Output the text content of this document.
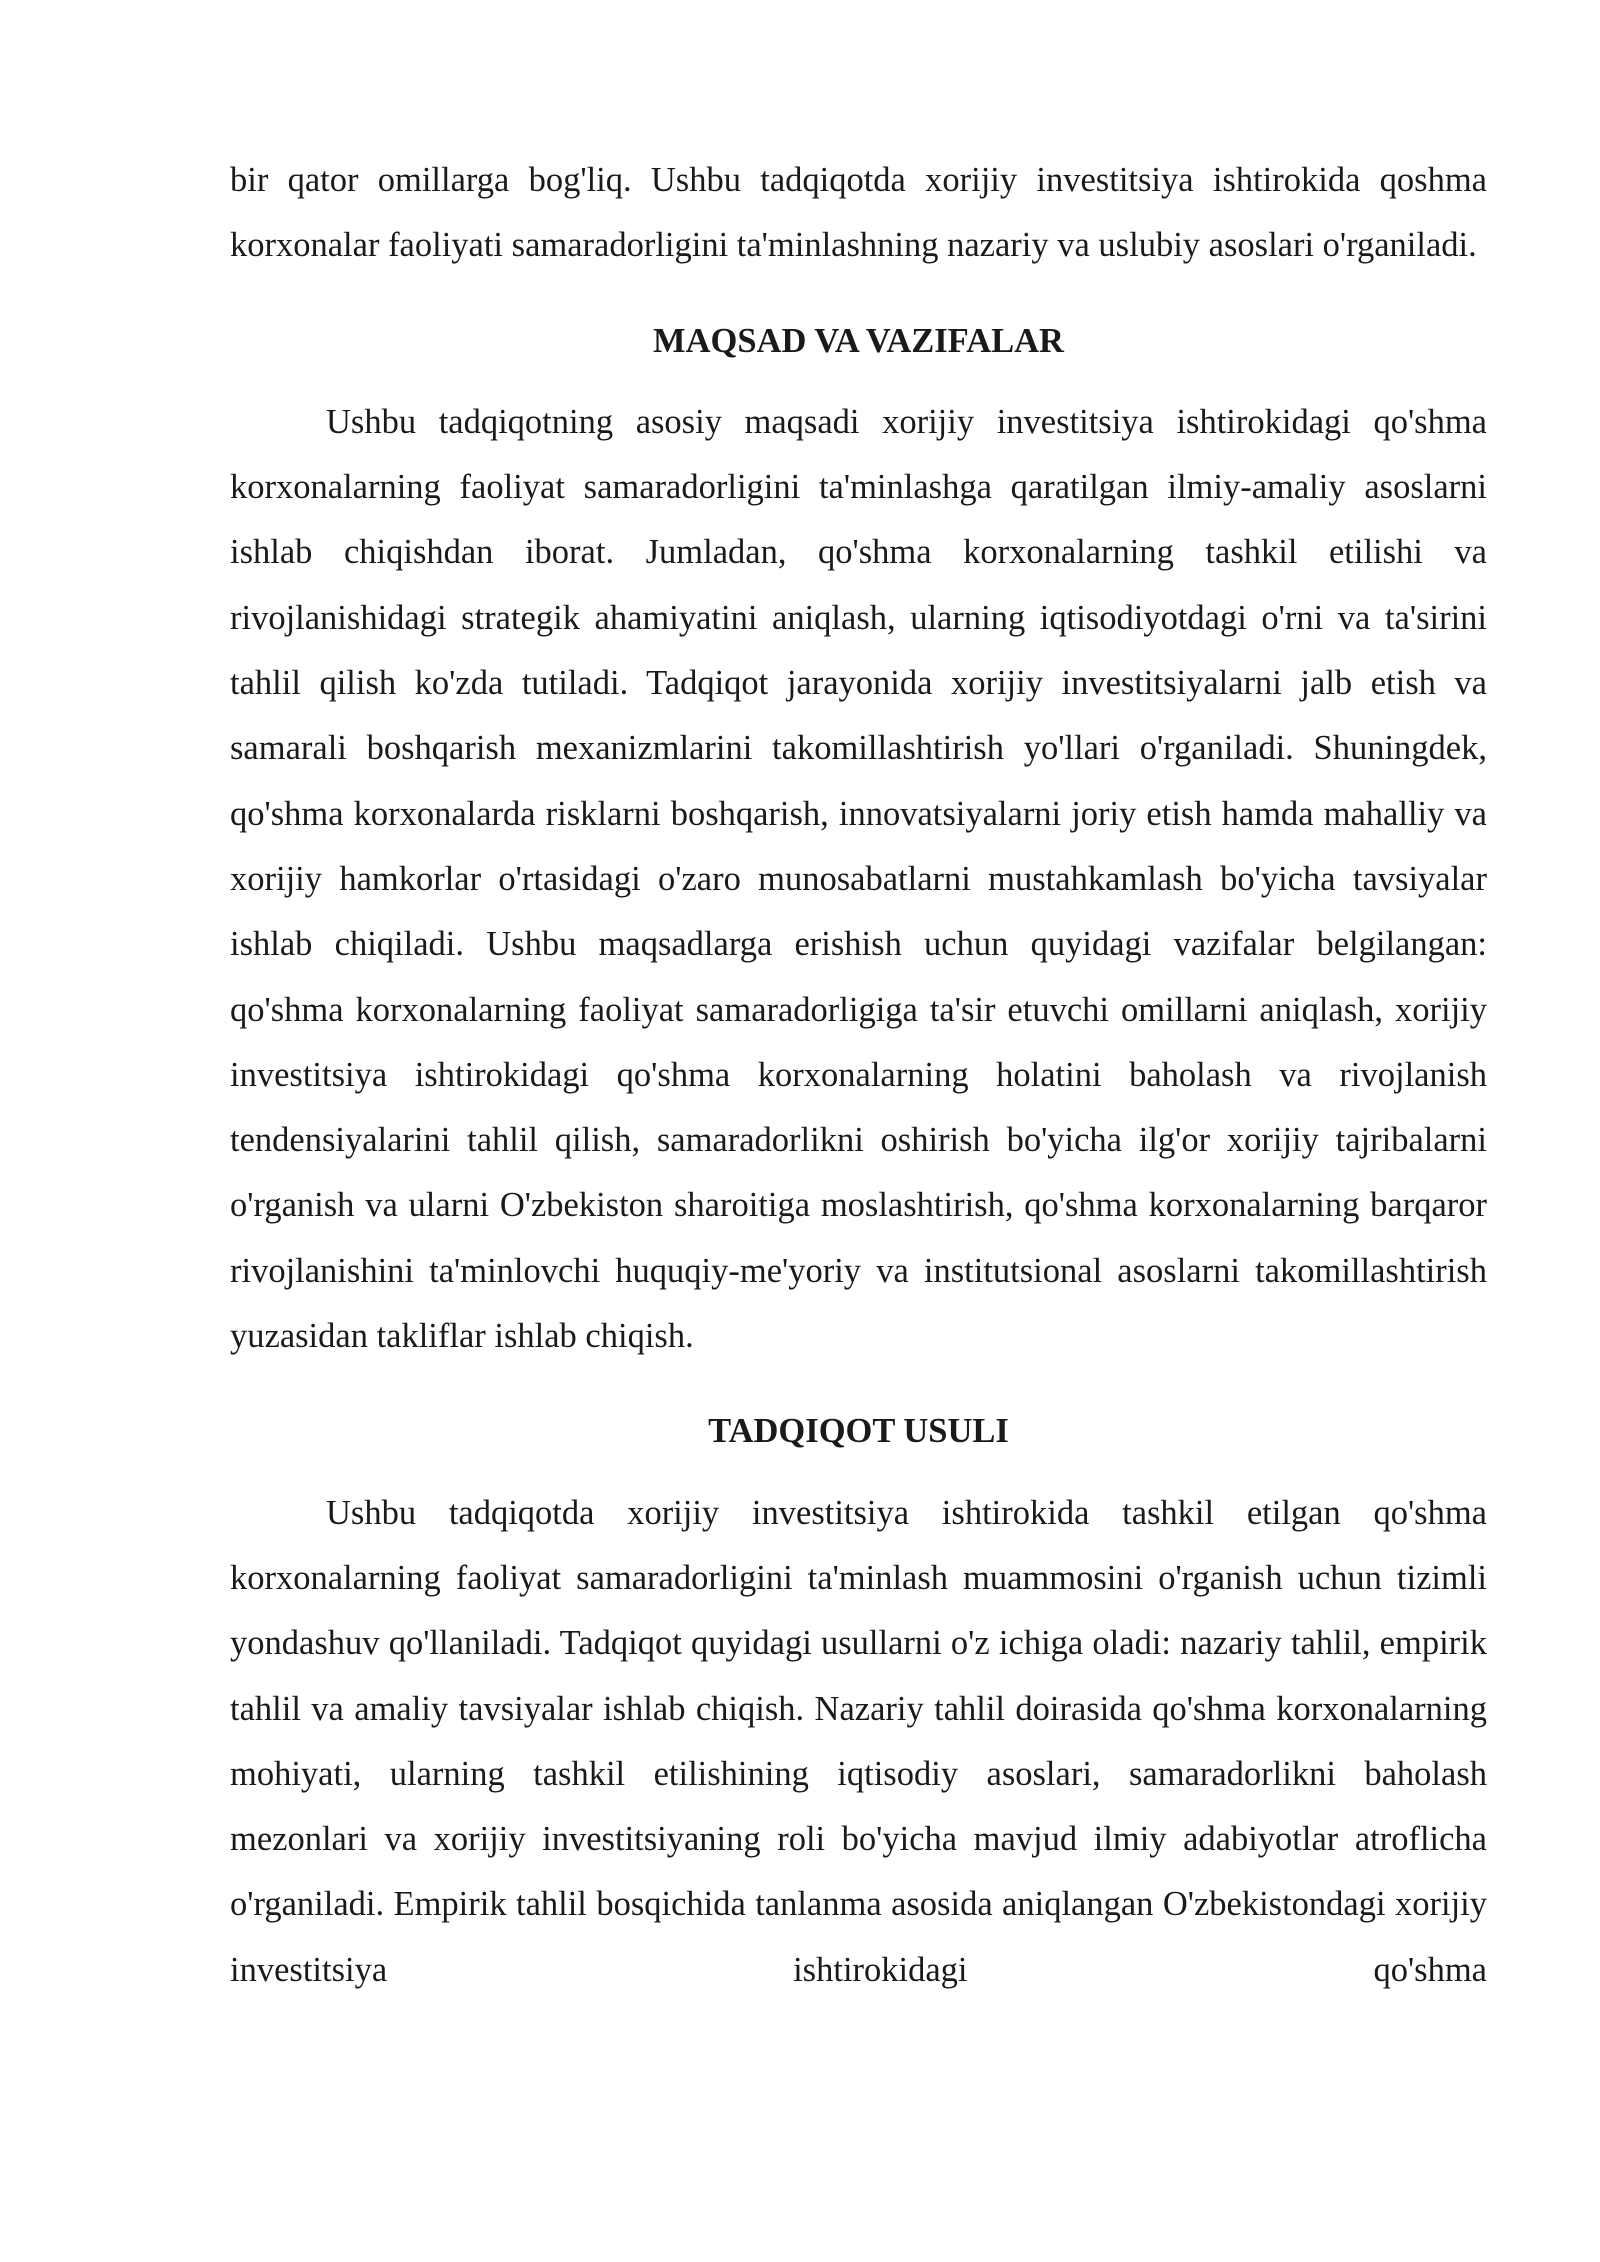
bir qator omillarga bog'liq. Ushbu tadqiqotda xorijiy investitsiya ishtirokida qoshma korxonalar faoliyati samaradorligini ta'minlashning nazariy va uslubiy asoslari o'rganiladi.

MAQSAD VA VAZIFALAR

Ushbu tadqiqotning asosiy maqsadi xorijiy investitsiya ishtirokidagi qo'shma korxonalarning faoliyat samaradorligini ta'minlashga qaratilgan ilmiy-amaliy asoslarni ishlab chiqishdan iborat. Jumladan, qo'shma korxonalarning tashkil etilishi va rivojlanishidagi strategik ahamiyatini aniqlash, ularning iqtisodiyotdagi o'rni va ta'sirini tahlil qilish ko'zda tutiladi. Tadqiqot jarayonida xorijiy investitsiyalarni jalb etish va samarali boshqarish mexanizmlarini takomillashtirish yo'llari o'rganiladi. Shuningdek, qo'shma korxonalarda risklarni boshqarish, innovatsiyalarni joriy etish hamda mahalliy va xorijiy hamkorlar o'rtasidagi o'zaro munosabatlarni mustahkamlash bo'yicha tavsiyalar ishlab chiqiladi. Ushbu maqsadlarga erishish uchun quyidagi vazifalar belgilangan: qo'shma korxonalarning faoliyat samaradorligiga ta'sir etuvchi omillarni aniqlash, xorijiy investitsiya ishtirokidagi qo'shma korxonalarning holatini baholash va rivojlanish tendensiyalarini tahlil qilish, samaradorlikni oshirish bo'yicha ilg'or xorijiy tajribalarni o'rganish va ularni O'zbekiston sharoitiga moslashtirish, qo'shma korxonalarning barqaror rivojlanishini ta'minlovchi huquqiy-me'yoriy va institutsional asoslarni takomillashtirish yuzasidan takliflar ishlab chiqish.

TADQIQOT USULI

Ushbu tadqiqotda xorijiy investitsiya ishtirokida tashkil etilgan qo'shma korxonalarning faoliyat samaradorligini ta'minlash muammosini o'rganish uchun tizimli yondashuv qo'llaniladi. Tadqiqot quyidagi usullarni o'z ichiga oladi: nazariy tahlil, empirik tahlil va amaliy tavsiyalar ishlab chiqish. Nazariy tahlil doirasida qo'shma korxonalarning mohiyati, ularning tashkil etilishining iqtisodiy asoslari, samaradorlikni baholash mezonlari va xorijiy investitsiyaning roli bo'yicha mavjud ilmiy adabiyotlar atroflicha o'rganiladi. Empirik tahlil bosqichida tanlanma asosida aniqlangan O'zbekistondagi xorijiy investitsiya ishtirokidagi qo'shma
